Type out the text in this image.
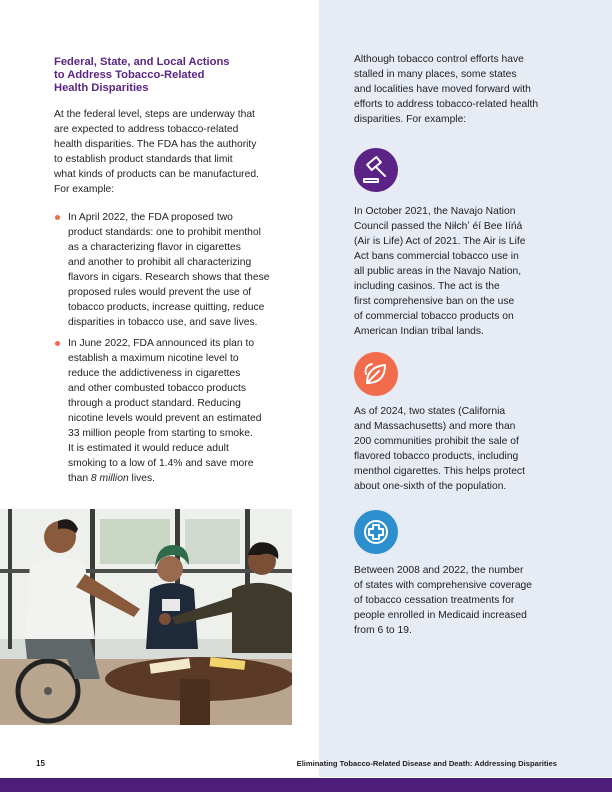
Federal, State, and Local Actions
to Address Tobacco-Related
Health Disparities
At the federal level, steps are underway that
are expected to address tobacco-related
health disparities. The FDA has the authority
to establish product standards that limit
what kinds of products can be manufactured.
For example:
In April 2022, the FDA proposed two
product standards: one to prohibit menthol
as a characterizing flavor in cigarettes
and another to prohibit all characterizing
flavors in cigars. Research shows that these
proposed rules would prevent the use of
tobacco products, increase quitting, reduce
disparities in tobacco use, and save lives.
In June 2022, FDA announced its plan to
establish a maximum nicotine level to
reduce the addictiveness in cigarettes
and other combusted tobacco products
through a product standard. Reducing
nicotine levels would prevent an estimated
33 million people from starting to smoke.
It is estimated it would reduce adult
smoking to a low of 1.4% and save more
than 8 million lives.
Although tobacco control efforts have
stalled in many places, some states
and localities have moved forward with
efforts to address tobacco-related health
disparities. For example:
In October 2021, the Navajo Nation
Council passed the Niłchʼ éí Bee Iíńá
(Air is Life) Act of 2021. The Air is Life
Act bans commercial tobacco use in
all public areas in the Navajo Nation,
including casinos. The act is the
first comprehensive ban on the use
of commercial tobacco products on
American Indian tribal lands.
As of 2024, two states (California
and Massachusetts) and more than
200 communities prohibit the sale of
flavored tobacco products, including
menthol cigarettes. This helps protect
about one-sixth of the population.
Between 2008 and 2022, the number
of states with comprehensive coverage
of tobacco cessation treatments for
people enrolled in Medicaid increased
from 6 to 19.
15	Eliminating Tobacco-Related Disease and Death: Addressing Disparities
